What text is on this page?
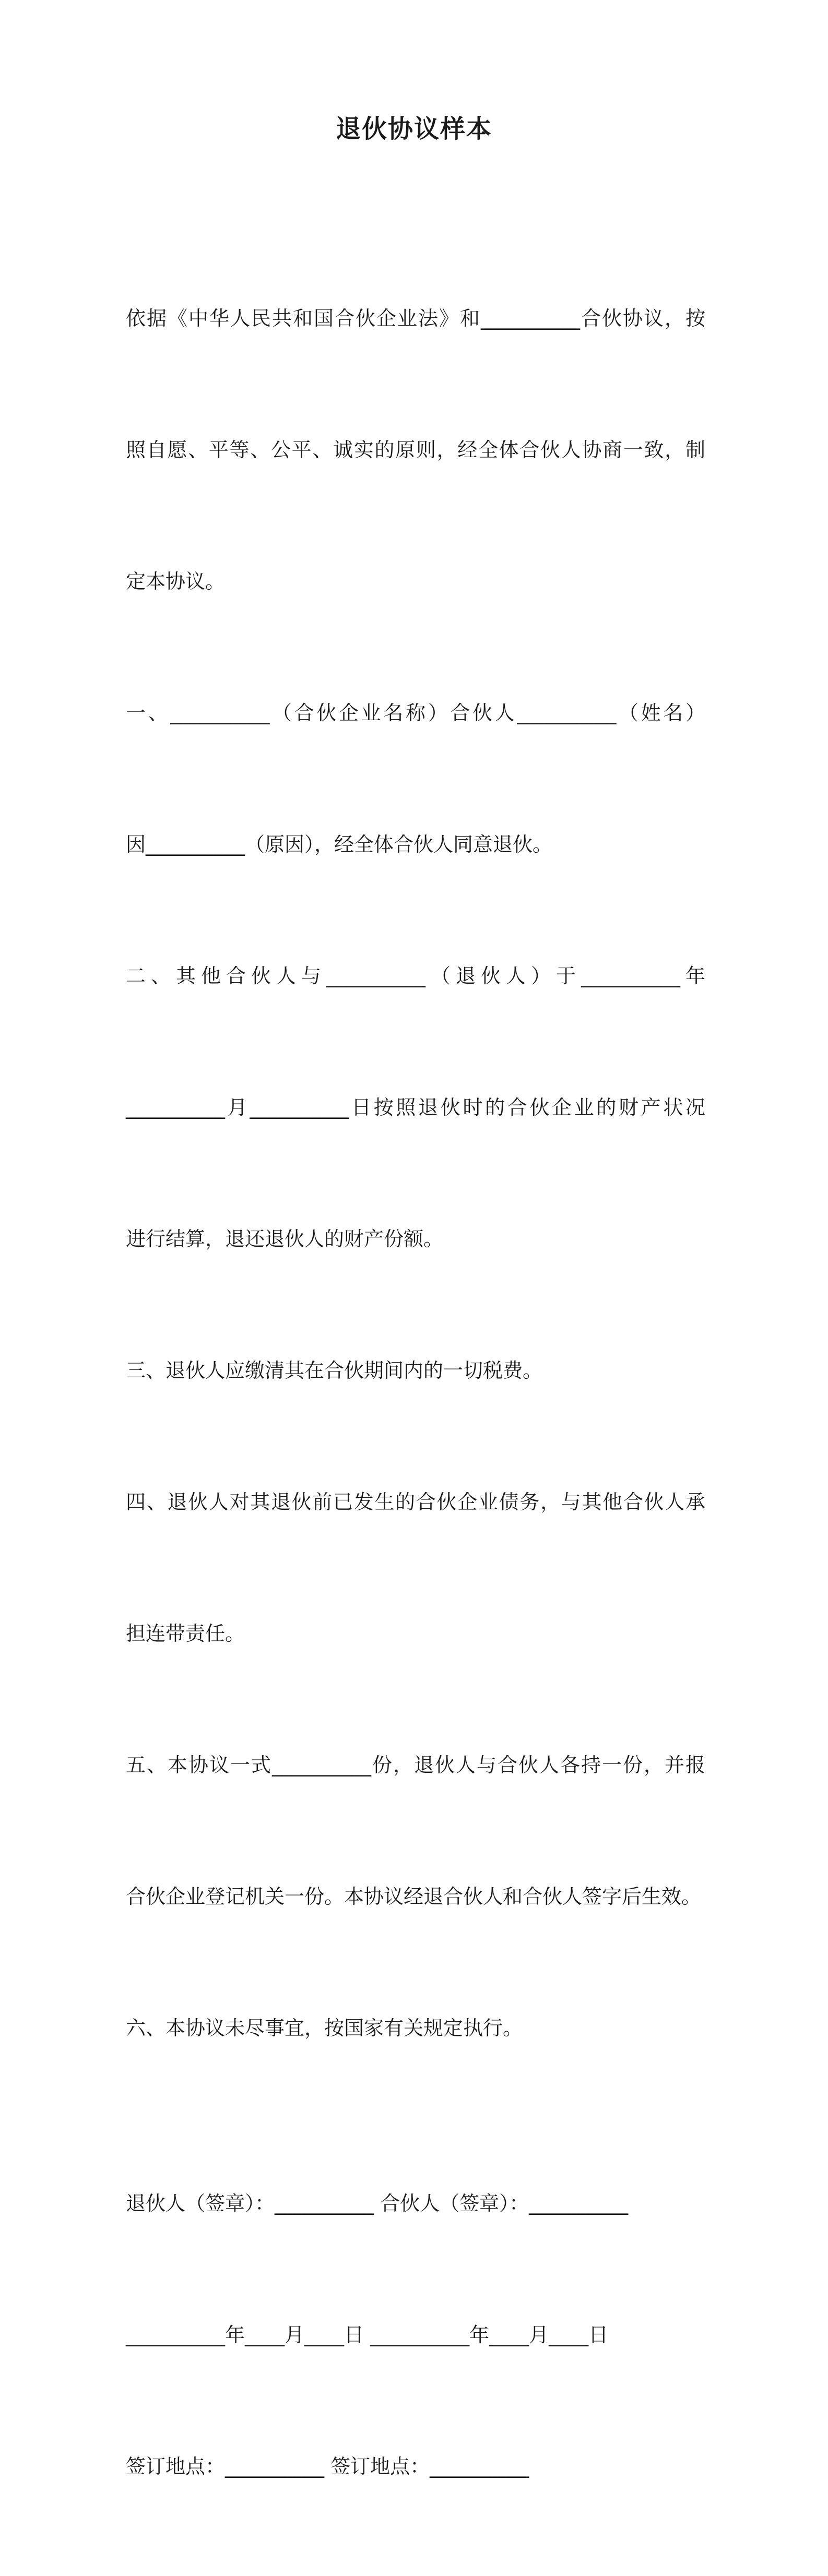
退伙协议样本

依据《中华人民共和国合伙企业法》和__________合伙协议，按

照自愿、平等、公平、诚实的原则，经全体合伙人协商一致，制

定本协议。

一、__________（合伙企业名称）合伙人__________（姓名）

因__________（原因），经全体合伙人同意退伙。

二、其他合伙人与__________（退伙人）于__________年

__________月__________日按照退伙时的合伙企业的财产状况

进行结算，退还退伙人的财产份额。

三、退伙人应缴清其在合伙期间内的一切税费。

四、退伙人对其退伙前已发生的合伙企业债务，与其他合伙人承

担连带责任。

五、本协议一式__________份，退伙人与合伙人各持一份，并报

合伙企业登记机关一份。本协议经退合伙人和合伙人签字后生效。

六、本协议未尽事宜，按国家有关规定执行。

退伙人（签章）：__________ 合伙人（签章）：__________

__________年____月____日 __________年____月____日

签订地点：__________ 签订地点：__________
